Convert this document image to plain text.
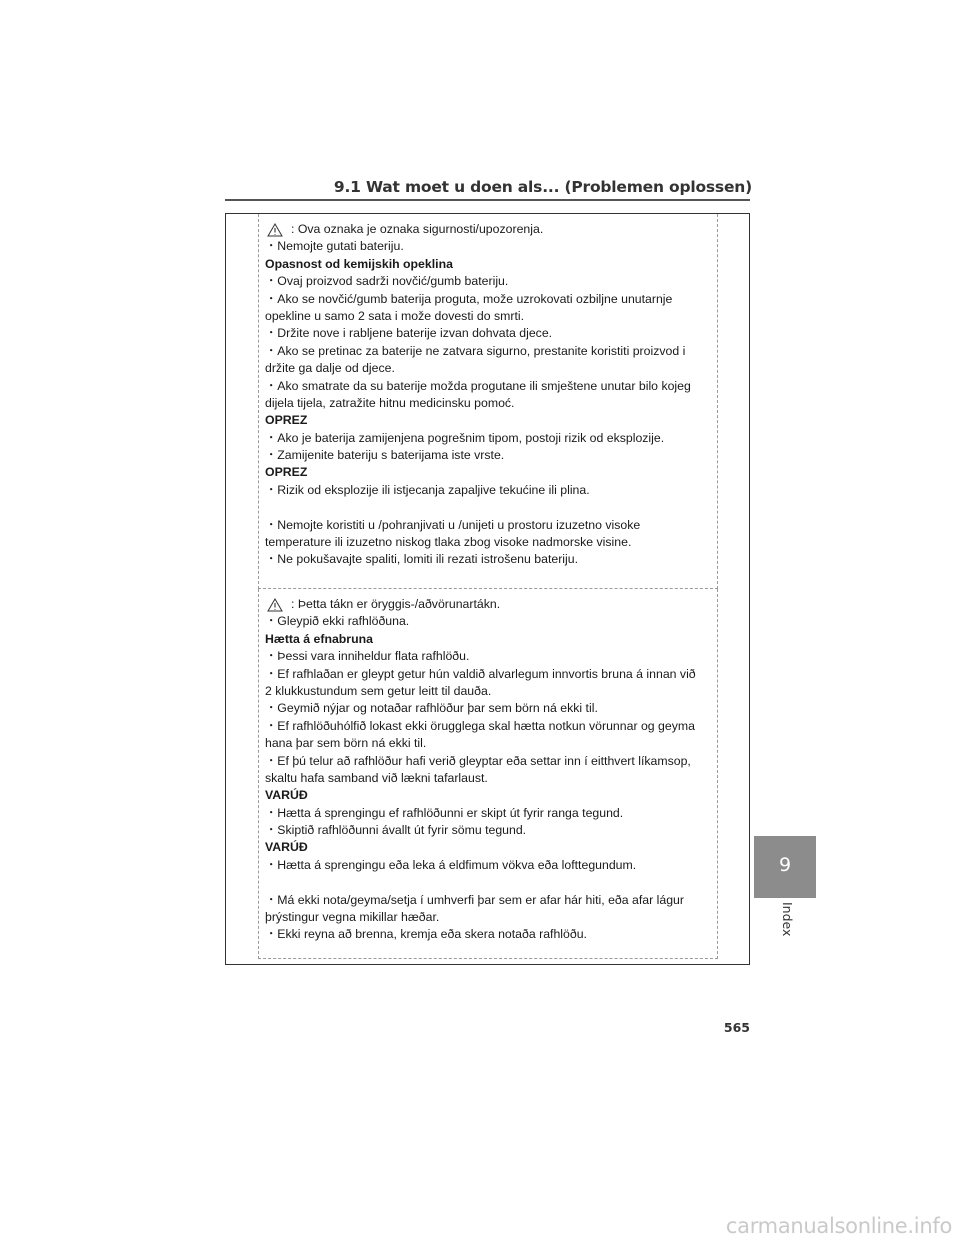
9.1 Wat moet u doen als... (Problemen oplossen)
: Ova oznaka je oznaka sigurnosti/upozorenja.
・Nemojte gutati bateriju.
Opasnost od kemijskih opeklina
・Ovaj proizvod sadrži novčić/gumb bateriju.
・Ako se novčić/gumb baterija proguta, može uzrokovati ozbiljne unutarnje
opekline u samo 2 sata i može dovesti do smrti.
・Držite nove i rabljene baterije izvan dohvata djece.
・Ako se pretinac za baterije ne zatvara sigurno, prestanite koristiti proizvod i
držite ga dalje od djece.
・Ako smatrate da su baterije možda progutane ili smještene unutar bilo kojeg
dijela tijela, zatražite hitnu medicinsku pomoć.
OPREZ
・Ako je baterija zamijenjena pogrešnim tipom, postoji rizik od eksplozije.
・Zamijenite bateriju s baterijama iste vrste.
OPREZ
・Rizik od eksplozije ili istjecanja zapaljive tekućine ili plina.
・Nemojte koristiti u /pohranjivati u /unijeti u prostoru izuzetno visoke
temperature ili izuzetno niskog tlaka zbog visoke nadmorske visine.
・Ne pokušavajte spaliti, lomiti ili rezati istrošenu bateriju.
: Þetta tákn er öryggis-/aðvörunartákn.
・Gleypið ekki rafhlöðuna.
Hætta á efnabruna
・Þessi vara inniheldur flata rafhlöðu.
・Ef rafhlaðan er gleypt getur hún valdið alvarlegum innvortis bruna á innan við
2 klukkustundum sem getur leitt til dauða.
・Geymið nýjar og notaðar rafhlöður þar sem börn ná ekki til.
・Ef rafhlöðuhólfið lokast ekki örugglega skal hætta notkun vörunnar og geyma
hana þar sem börn ná ekki til.
・Ef þú telur að rafhlöður hafi verið gleyptar eða settar inn í eitthvert líkamsop,
skaltu hafa samband við lækni tafarlaust.
VARÚÐ
・Hætta á sprengingu ef rafhlöðunni er skipt út fyrir ranga tegund.
・Skiptið rafhlöðunni ávallt út fyrir sömu tegund.
VARÚÐ
・Hætta á sprengingu eða leka á eldfimum vökva eða lofttegundum.
・Má ekki nota/geyma/setja í umhverfi þar sem er afar hár hiti, eða afar lágur
þrýstingur vegna mikillar hæðar.
・Ekki reyna að brenna, kremja eða skera notaða rafhlöðu.
9
Index
565
carmanualsonline.info
